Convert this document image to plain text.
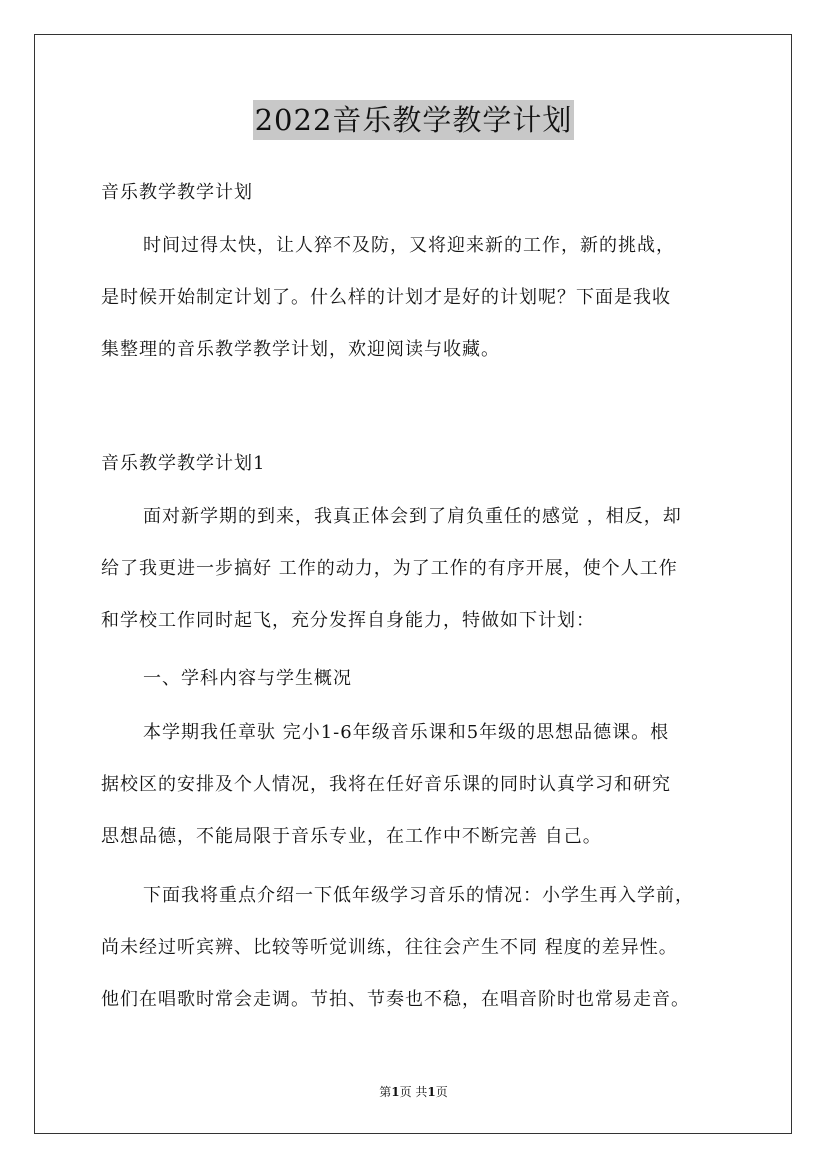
2022音乐教学教学计划

音乐教学教学计划

时间过得太快，让人猝不及防，又将迎来新的工作，新的挑战，
是时候开始制定计划了。什么样的计划才是好的计划呢？下面是我收
集整理的音乐教学教学计划，欢迎阅读与收藏。

音乐教学教学计划1

面对新学期的到来，我真正体会到了肩负重任的感觉 ，相反，却
给了我更进一步搞好 工作的动力，为了工作的有序开展，使个人工作
和学校工作同时起飞，充分发挥自身能力，特做如下计划：

一、学科内容与学生概况

本学期我任章驮 完小1-6年级音乐课和5年级的思想品德课。根
据校区的安排及个人情况，我将在任好音乐课的同时认真学习和研究
思想品德，不能局限于音乐专业，在工作中不断完善 自己。
下面我将重点介绍一下低年级学习音乐的情况：小学生再入学前，
尚未经过听宾辨、比较等听觉训练，往往会产生不同 程度的差异性。
他们在唱歌时常会走调。节拍、节奏也不稳，在唱音阶时也常易走音。
第1页 共1页
